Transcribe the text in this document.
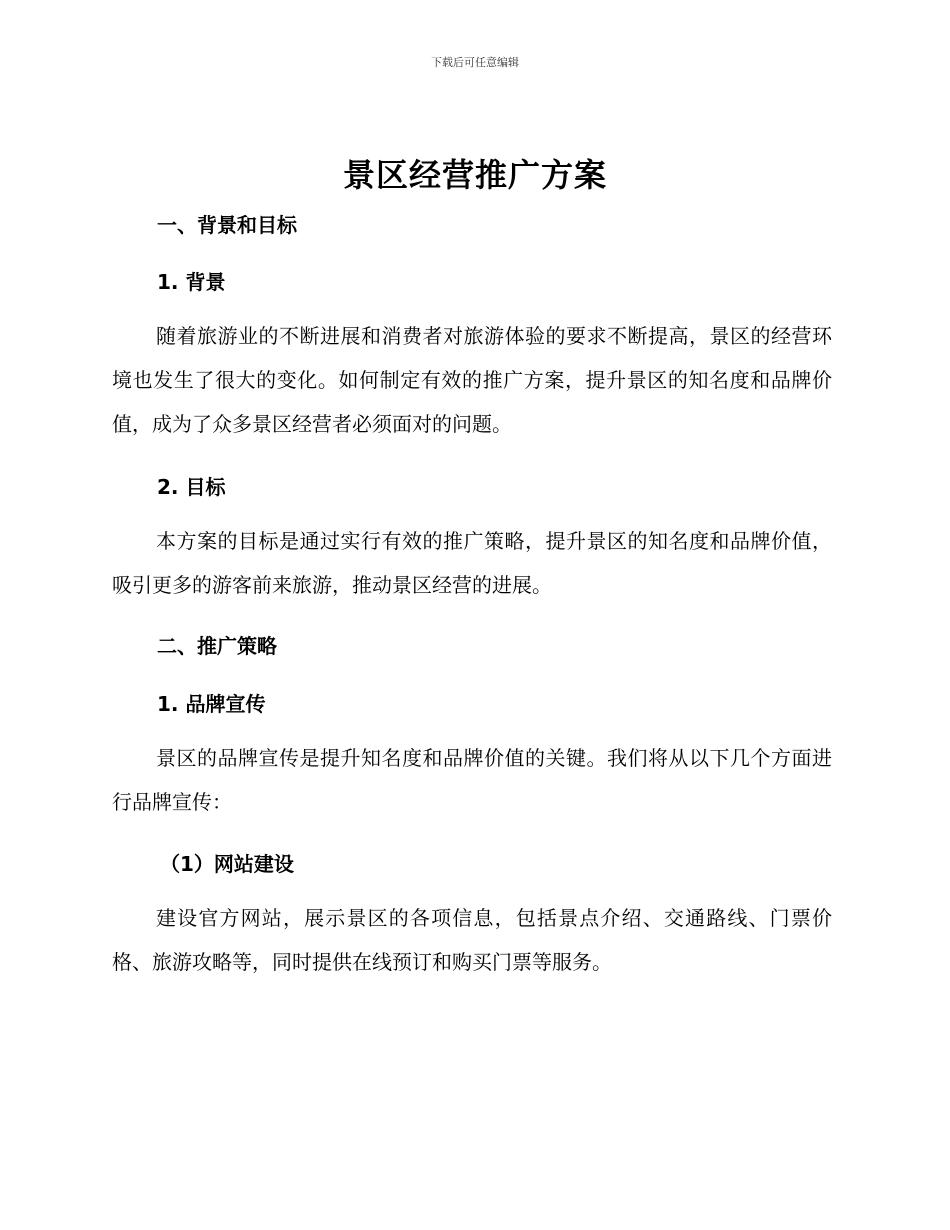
下载后可任意编辑
景区经营推广方案
一、背景和目标
1. 背景

随着旅游业的不断进展和消费者对旅游体验的要求不断提高，景区的经营环境也发生了很大的变化。如何制定有效的推广方案，提升景区的知名度和品牌价值，成为了众多景区经营者必须面对的问题。

2. 目标

本方案的目标是通过实行有效的推广策略，提升景区的知名度和品牌价值，吸引更多的游客前来旅游，推动景区经营的进展。

二、推广策略
1. 品牌宣传

景区的品牌宣传是提升知名度和品牌价值的关键。我们将从以下几个方面进行品牌宣传：

（1）网站建设

建设官方网站，展示景区的各项信息，包括景点介绍、交通路线、门票价格、旅游攻略等，同时提供在线预订和购买门票等服务。
